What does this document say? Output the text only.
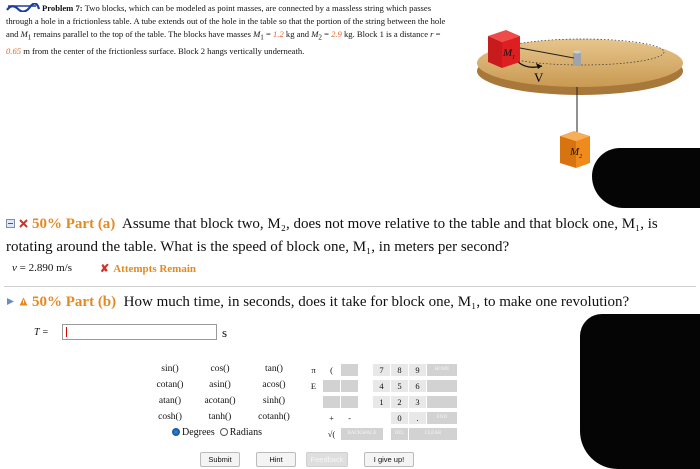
Problem 7: Two blocks, which can be modeled as point masses, are connected by a massless string which passes through a hole in a frictionless table. A tube extends out of the hole in the table so that the portion of the string between the hole and $M_1$ remains parallel to the top of the table. The blocks have masses $M_1 = 1.2$ kg and $M_2 = 2.9$ kg. Block 1 is a distance r = 0.65 m from the center of the frictionless surface. Block 2 hangs vertically underneath.
V
$M_1$
$M_2$
50% Part (a) Assume that block two, M₂, does not move relative to the table and that block one, M₁, is rotating around the table. What is the speed of block one, M₁, in meters per second?
v = 2.890 m/s	✘ Attempts Remain
50% Part (b) How much time, in seconds, does it take for block one, M₁, to make one revolution?
T =	s
sin()	cos()	tan()
cotan()	asin()	acos()
atan()	acotan()	sinh()
cosh()	tanh()	cotanh()
π	(
E
+	-
√(	BACKSPACE
7	8	9	HOME
4	5	6
1	2	3
0	.	END
DEL	CLEAR
Degrees Radians
Submit	Hint	Feedback	I give up!
